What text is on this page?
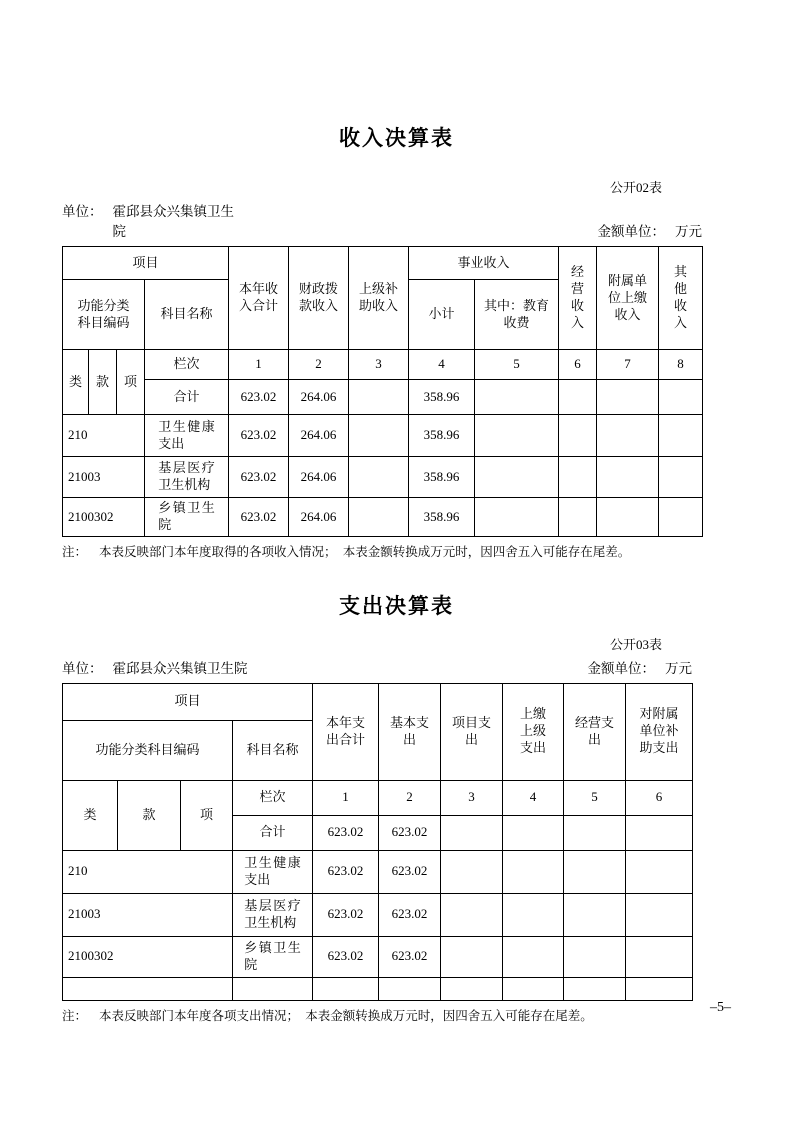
收入决算表
公开02表
单位： 霍邱县众兴集镇卫生院	金额单位： 万元
项目				本年收入合计	财政拨款收入	上级补助收入	事业收入		经营收入	附属单位上缴收入	其他收入
功能分类科目编码			科目名称				小计	其中：教育收费			
类	款	项	栏次	1	2	3	4	5	6	7	8
			合计	623.02	264.06		358.96				
210			卫生健康支出	623.02	264.06		358.96				
21003			基层医疗卫生机构	623.02	264.06		358.96				
2100302			乡镇卫生院	623.02	264.06		358.96				
注： 本表反映部门本年度取得的各项收入情况；　本表金额转换成万元时，因四舍五入可能存在尾差。
支出决算表
公开03表
单位： 霍邱县众兴集镇卫生院	金额单位： 万元
项目				本年支出合计	基本支出	项目支出	上缴上级支出	经营支出	对附属单位补助支出
功能分类科目编码			科目名称						
类	款	项	栏次	1	2	3	4	5	6
			合计	623.02	623.02				
210			卫生健康支出	623.02	623.02				
21003			基层医疗卫生机构	623.02	623.02				
2100302			乡镇卫生院	623.02	623.02				

注： 本表反映部门本年度各项支出情况；　本表金额转换成万元时，因四舍五入可能存在尾差。
–5–
